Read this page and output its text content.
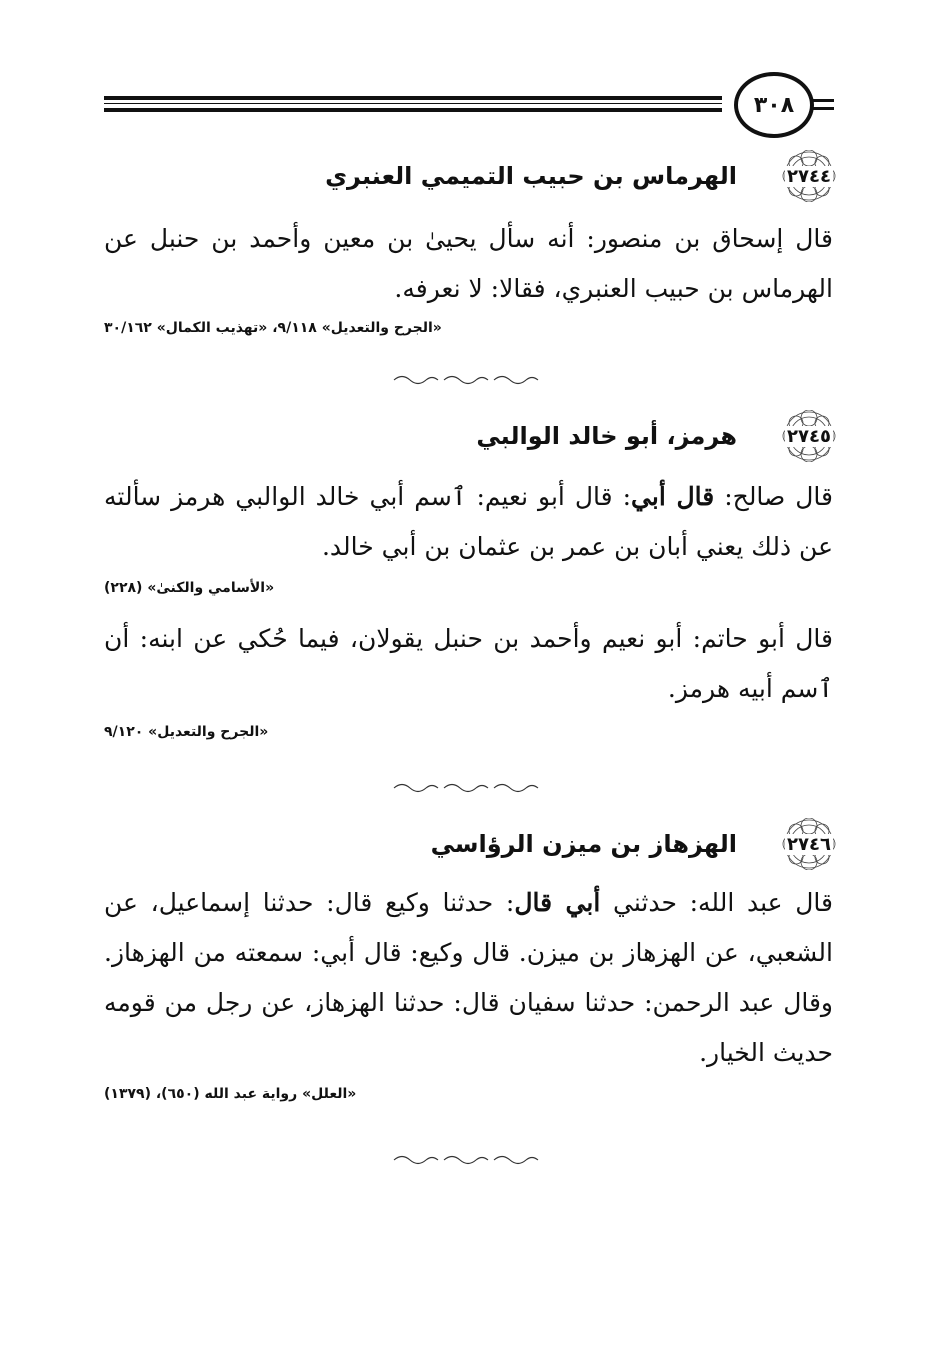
٣٠٨
٢٧٤٤
الهرماس بن حبيب التميمي العنبري
قال إسحاق بن منصور: أنه سأل يحيىٰ بن معين وأحمد بن حنبل عن الهرماس بن حبيب العنبري، فقالا: لا نعرفه.
«الجرح والتعديل» ٩/١١٨، «تهذيب الكمال» ٣٠/١٦٢
٢٧٤٥
هرمز، أبو خالد الوالبي
قال صالح: قال أبي: قال أبو نعيم: ٱسم أبي خالد الوالبي هرمز سألته عن ذلك يعني أبان بن عمر بن عثمان بن أبي خالد.
«الأسامي والكنىٰ» (٢٢٨)
قال أبو حاتم: أبو نعيم وأحمد بن حنبل يقولان، فيما حُكي عن ابنه: أن ٱسم أبيه هرمز.
«الجرح والتعديل» ٩/١٢٠
٢٧٤٦
الهزهاز بن ميزن الرؤاسي
قال عبد الله: حدثني أبي قال: حدثنا وكيع قال: حدثنا إسماعيل، عن الشعبي، عن الهزهاز بن ميزن. قال وكيع: قال أبي: سمعته من الهزهاز. وقال عبد الرحمن: حدثنا سفيان قال: حدثنا الهزهاز، عن رجل من قومه حديث الخيار.
«العلل» رواية عبد الله (٦٥٠)، (١٣٧٩)
